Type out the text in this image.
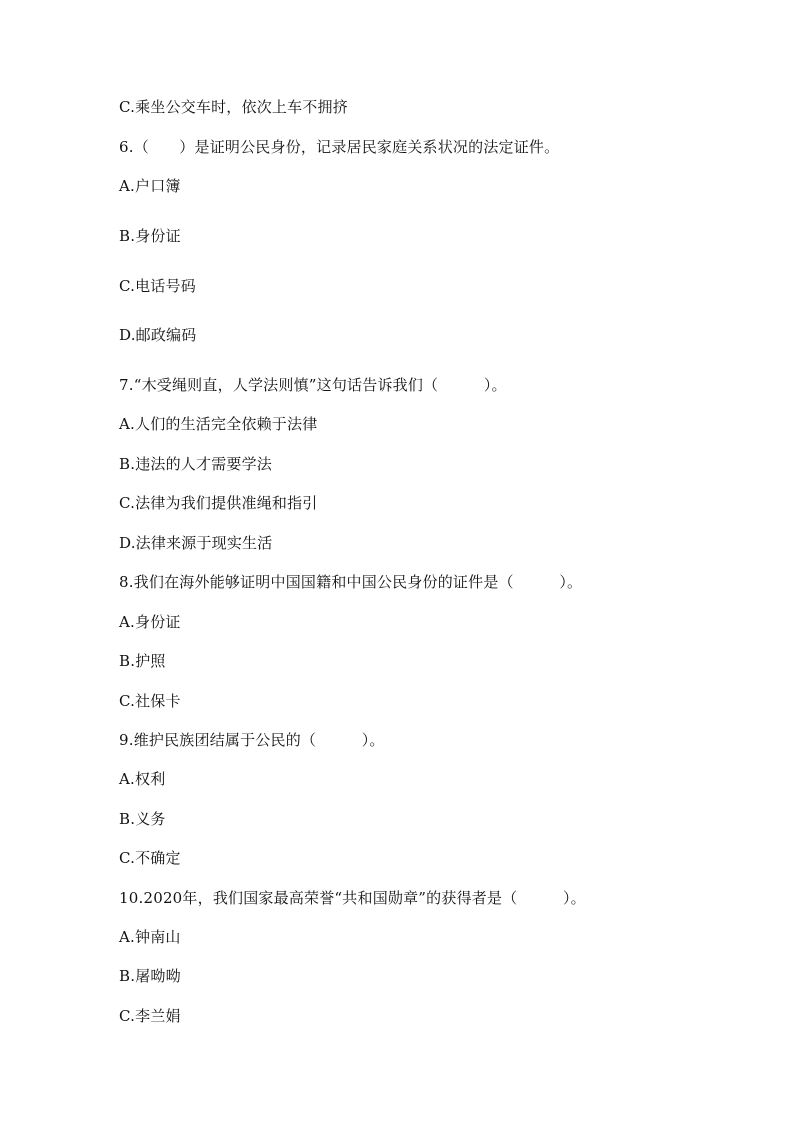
C.乘坐公交车时，依次上车不拥挤
6.（　　）是证明公民身份，记录居民家庭关系状况的法定证件。
A.户口簿
B.身份证
C.电话号码
D.邮政编码
7.“木受绳则直，人学法则慎”这句话告诉我们（　　　）。
A.人们的生活完全依赖于法律
B.违法的人才需要学法
C.法律为我们提供准绳和指引
D.法律来源于现实生活
8.我们在海外能够证明中国国籍和中国公民身份的证件是（　　　）。
A.身份证
B.护照
C.社保卡
9.维护民族团结属于公民的（　　　）。
A.权利
B.义务
C.不确定
10.2020年，我们国家最高荣誉“共和国勋章”的获得者是（　　　）。
A.钟南山
B.屠呦呦
C.李兰娟
